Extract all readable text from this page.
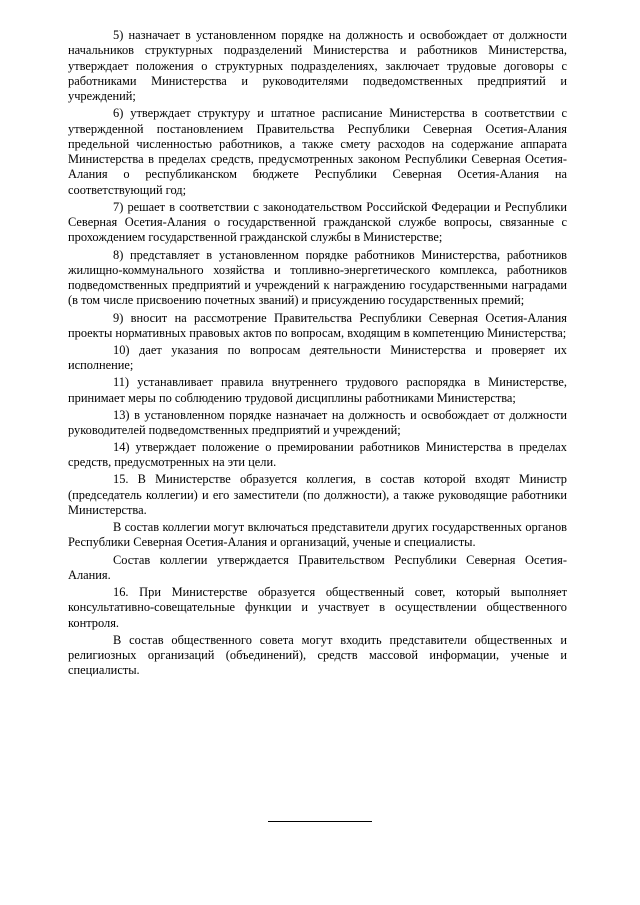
5) назначает в установленном порядке на должность и освобождает от должности начальников структурных подразделений Министерства и работников Министерства, утверждает положения о структурных подразделениях, заключает трудовые договоры с работниками Министерства и руководителями подведомственных предприятий и учреждений;

6) утверждает структуру и штатное расписание Министерства в соответствии с утвержденной постановлением Правительства Республики Северная Осетия-Алания предельной численностью работников, а также смету расходов на содержание аппарата Министерства в пределах средств, предусмотренных законом Республики Северная Осетия-Алания о республиканском бюджете Республики Северная Осетия-Алания на соответствующий год;

7) решает в соответствии с законодательством Российской Федерации и Республики Северная Осетия-Алания о государственной гражданской службе вопросы, связанные с прохождением государственной гражданской службы в Министерстве;

8) представляет в установленном порядке работников Министерства, работников жилищно-коммунального хозяйства и топливно-энергетического комплекса, работников подведомственных предприятий и учреждений к награждению государственными наградами (в том числе присвоению почетных званий) и присуждению государственных премий;

9) вносит на рассмотрение Правительства Республики Северная Осетия-Алания проекты нормативных правовых актов по вопросам, входящим в компетенцию Министерства;

10) дает указания по вопросам деятельности Министерства и проверяет их исполнение;

11) устанавливает правила внутреннего трудового распорядка в Министерстве, принимает меры по соблюдению трудовой дисциплины работниками Министерства;

13) в установленном порядке назначает на должность и освобождает от должности руководителей подведомственных предприятий и учреждений;

14) утверждает положение о премировании работников Министерства в пределах средств, предусмотренных на эти цели.

15. В Министерстве образуется коллегия, в состав которой входят Министр (председатель коллегии) и его заместители (по должности), а также руководящие работники Министерства.

В состав коллегии могут включаться представители других государственных органов Республики Северная Осетия-Алания и организаций, ученые и специалисты.

Состав коллегии утверждается Правительством Республики Северная Осетия-Алания.

16. При Министерстве образуется общественный совет, который выполняет консультативно-совещательные функции и участвует в осуществлении общественного контроля.

В состав общественного совета могут входить представители общественных и религиозных организаций (объединений), средств массовой информации, ученые и специалисты.
